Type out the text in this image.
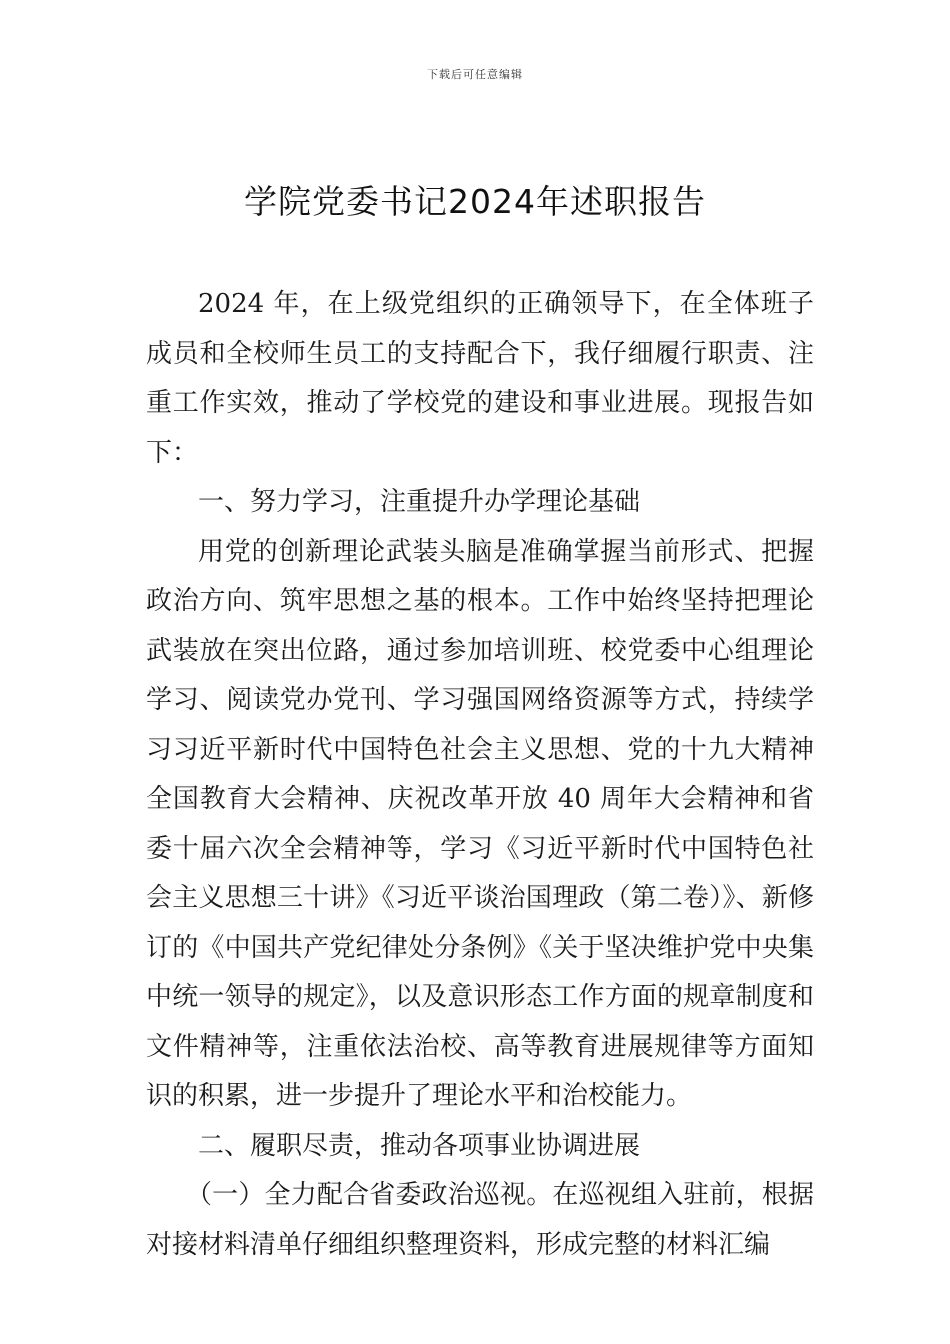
下载后可任意编辑
学院党委书记2024年述职报告

2024 年，在上级党组织的正确领导下，在全体班子成员和全校师生员工的支持配合下，我仔细履行职责、注重工作实效，推动了学校党的建设和事业进展。现报告如下：

一、努力学习，注重提升办学理论基础

用党的创新理论武装头脑是准确掌握当前形式、把握政治方向、筑牢思想之基的根本。工作中始终坚持把理论武装放在突出位路，通过参加培训班、校党委中心组理论学习、阅读党办党刊、学习强国网络资源等方式，持续学习习近平新时代中国特色社会主义思想、党的十九大精神全国教育大会精神、庆祝改革开放 40 周年大会精神和省委十届六次全会精神等，学习《习近平新时代中国特色社会主义思想三十讲》《习近平谈治国理政（第二卷）》、新修订的《中国共产党纪律处分条例》《关于坚决维护党中央集中统一领导的规定》，以及意识形态工作方面的规章制度和文件精神等，注重依法治校、高等教育进展规律等方面知识的积累，进一步提升了理论水平和治校能力。

二、履职尽责，推动各项事业协调进展

（一）全力配合省委政治巡视。在巡视组入驻前，根据对接材料清单仔细组织整理资料，形成完整的材料汇编
